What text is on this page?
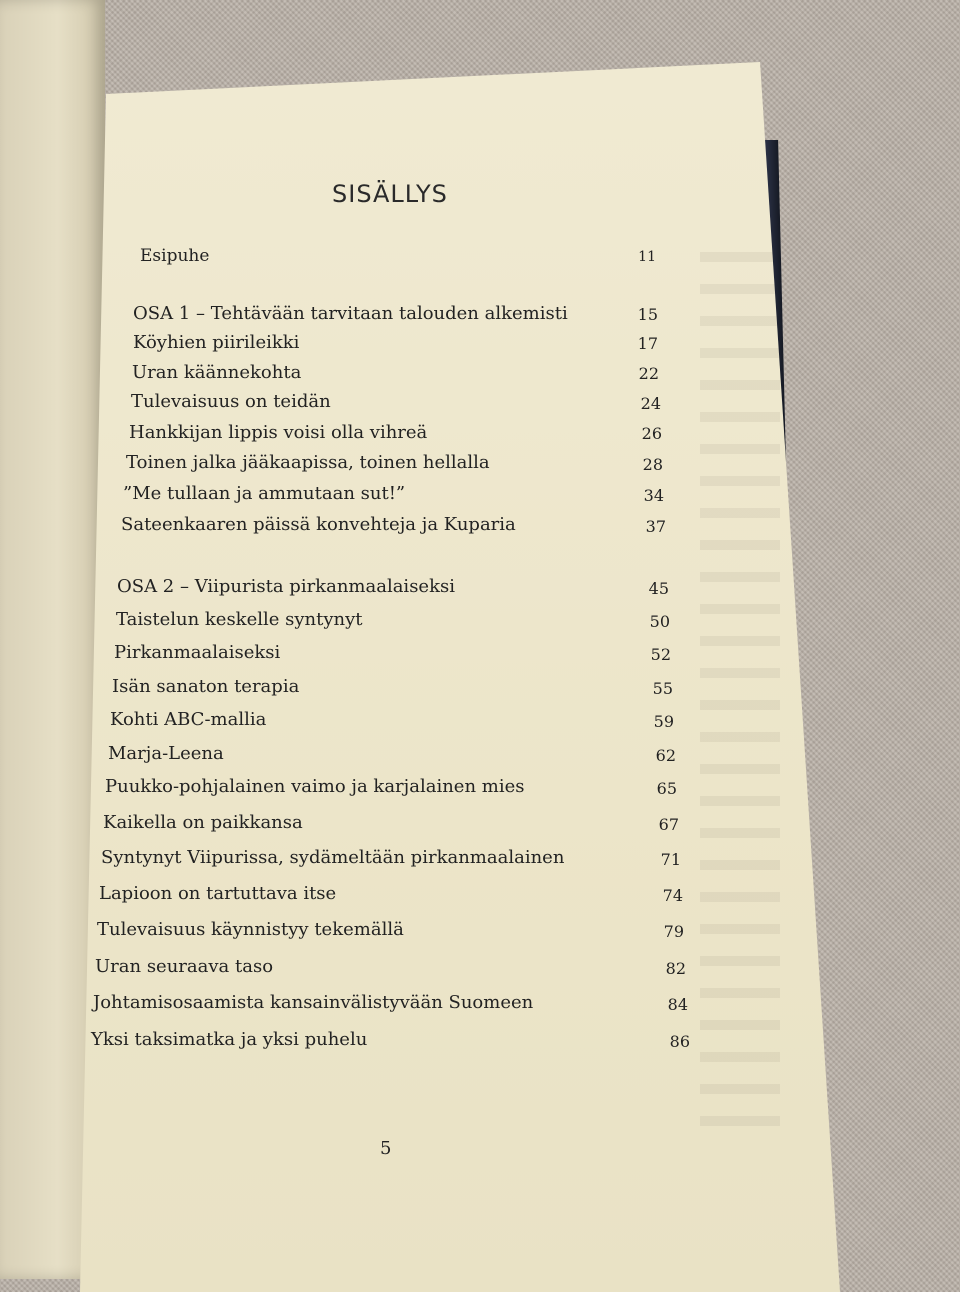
SISÄLLYS
Esipuhe	11
OSA 1 – Tehtävään tarvitaan talouden alkemisti	15
Köyhien piirileikki	17
Uran käännekohta	22
Tulevaisuus on teidän	24
Hankkijan lippis voisi olla vihreä	26
Toinen jalka jääkaapissa, toinen hellalla	28
”Me tullaan ja ammutaan sut!”	34
Sateenkaaren päissä konvehteja ja Kuparia	37
OSA 2 – Viipurista pirkanmaalaiseksi	45
Taistelun keskelle syntynyt	50
Pirkanmaalaiseksi	52
Isän sanaton terapia	55
Kohti ABC-mallia	59
Marja-Leena	62
Puukko-pohjalainen vaimo ja karjalainen mies	65
Kaikella on paikkansa	67
Syntynyt Viipurissa, sydämeltään pirkanmaalainen	71
Lapioon on tartuttava itse	74
Tulevaisuus käynnistyy tekemällä	79
Uran seuraava taso	82
Johtamisosaamista kansainvälistyvään Suomeen	84
Yksi taksimatka ja yksi puhelu	86
5
